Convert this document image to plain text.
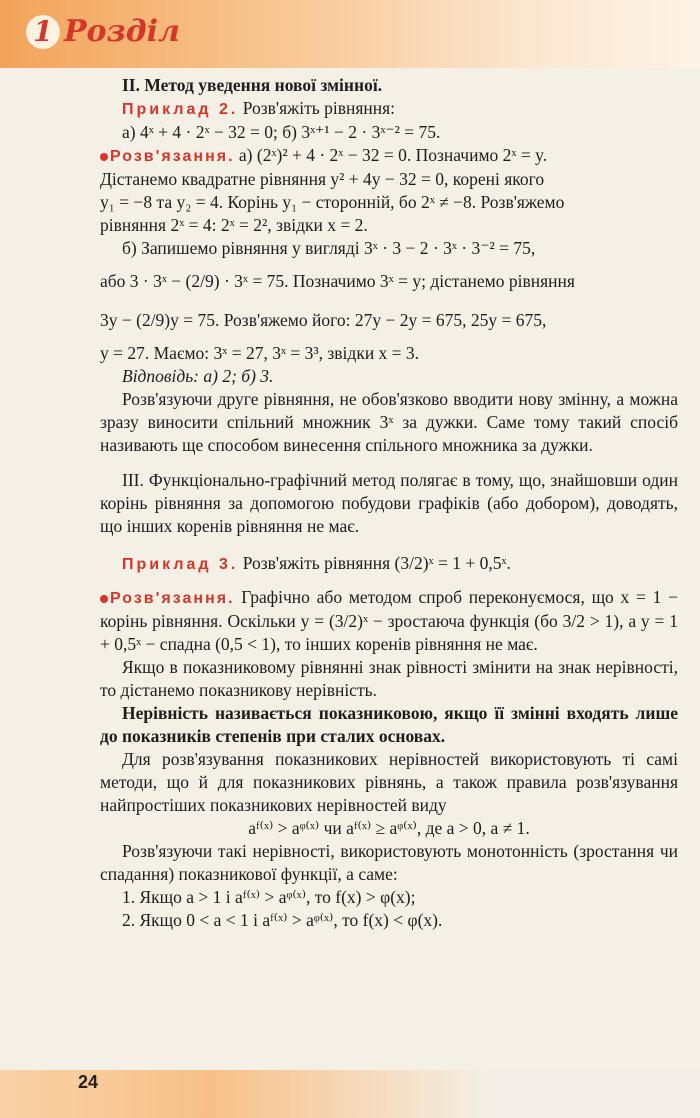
1 Розділ

II. Метод уведення нової змінної.

Приклад 2. Розв'яжіть рівняння:

а) 4ˣ + 4 · 2ˣ − 32 = 0; б) 3ˣ⁺¹ − 2 · 3ˣ⁻² = 75.

Розв'язання. а) (2ˣ)² + 4 · 2ˣ − 32 = 0. Позначимо 2ˣ = y.

Дістанемо квадратне рівняння y² + 4y − 32 = 0, корені якого

y₁ = −8 та y₂ = 4. Корінь y₁ − сторонній, бо 2ˣ ≠ −8. Розв'яжемо

рівняння 2ˣ = 4: 2ˣ = 2², звідки x = 2.

б) Запишемо рівняння у вигляді 3ˣ · 3 − 2 · 3ˣ · 3⁻² = 75,

або 3 · 3ˣ − (2/9) · 3ˣ = 75. Позначимо 3ˣ = y; дістанемо рівняння

3y − (2/9)y = 75. Розв'яжемо його: 27y − 2y = 675, 25y = 675,

y = 27. Маємо: 3ˣ = 27, 3ˣ = 3³, звідки x = 3.

Відповідь: а) 2; б) 3.

Розв'язуючи друге рівняння, не обов'язково вводити нову змінну, а можна зразу виносити спільний множник 3ˣ за дужки. Саме тому такий спосіб називають ще способом винесення спільного множника за дужки.

III. Функціонально-графічний метод полягає в тому, що, знайшовши один корінь рівняння за допомогою побудови графіків (або добором), доводять, що інших коренів рівняння не має.

Приклад 3. Розв'яжіть рівняння (3/2)ˣ = 1 + 0,5ˣ.

Розв'язання. Графічно або методом спроб переконуємося, що x = 1 − корінь рівняння. Оскільки y = (3/2)ˣ − зростаюча функція (бо 3/2 > 1), а y = 1 + 0,5ˣ − спадна (0,5 < 1), то інших коренів рівняння не має.

Якщо в показниковому рівнянні знак рівності змінити на знак нерівності, то дістанемо показникову нерівність.

Нерівність називається показниковою, якщо її змінні входять лише до показників степенів при сталих основах.

Для розв'язування показникових нерівностей використовують ті самі методи, що й для показникових рівнянь, а також правила розв'язування найпростіших показникових нерівностей виду

aᶠ⁽ˣ⁾ > aᵠ⁽ˣ⁾ чи aᶠ⁽ˣ⁾ ≥ aᵠ⁽ˣ⁾, де a > 0, a ≠ 1.

Розв'язуючи такі нерівності, використовують монотонність (зростання чи спадання) показникової функції, а саме:

1. Якщо a > 1 і aᶠ⁽ˣ⁾ > aᵠ⁽ˣ⁾, то f(x) > φ(x);

2. Якщо 0 < a < 1 і aᶠ⁽ˣ⁾ > aᵠ⁽ˣ⁾, то f(x) < φ(x).

24
